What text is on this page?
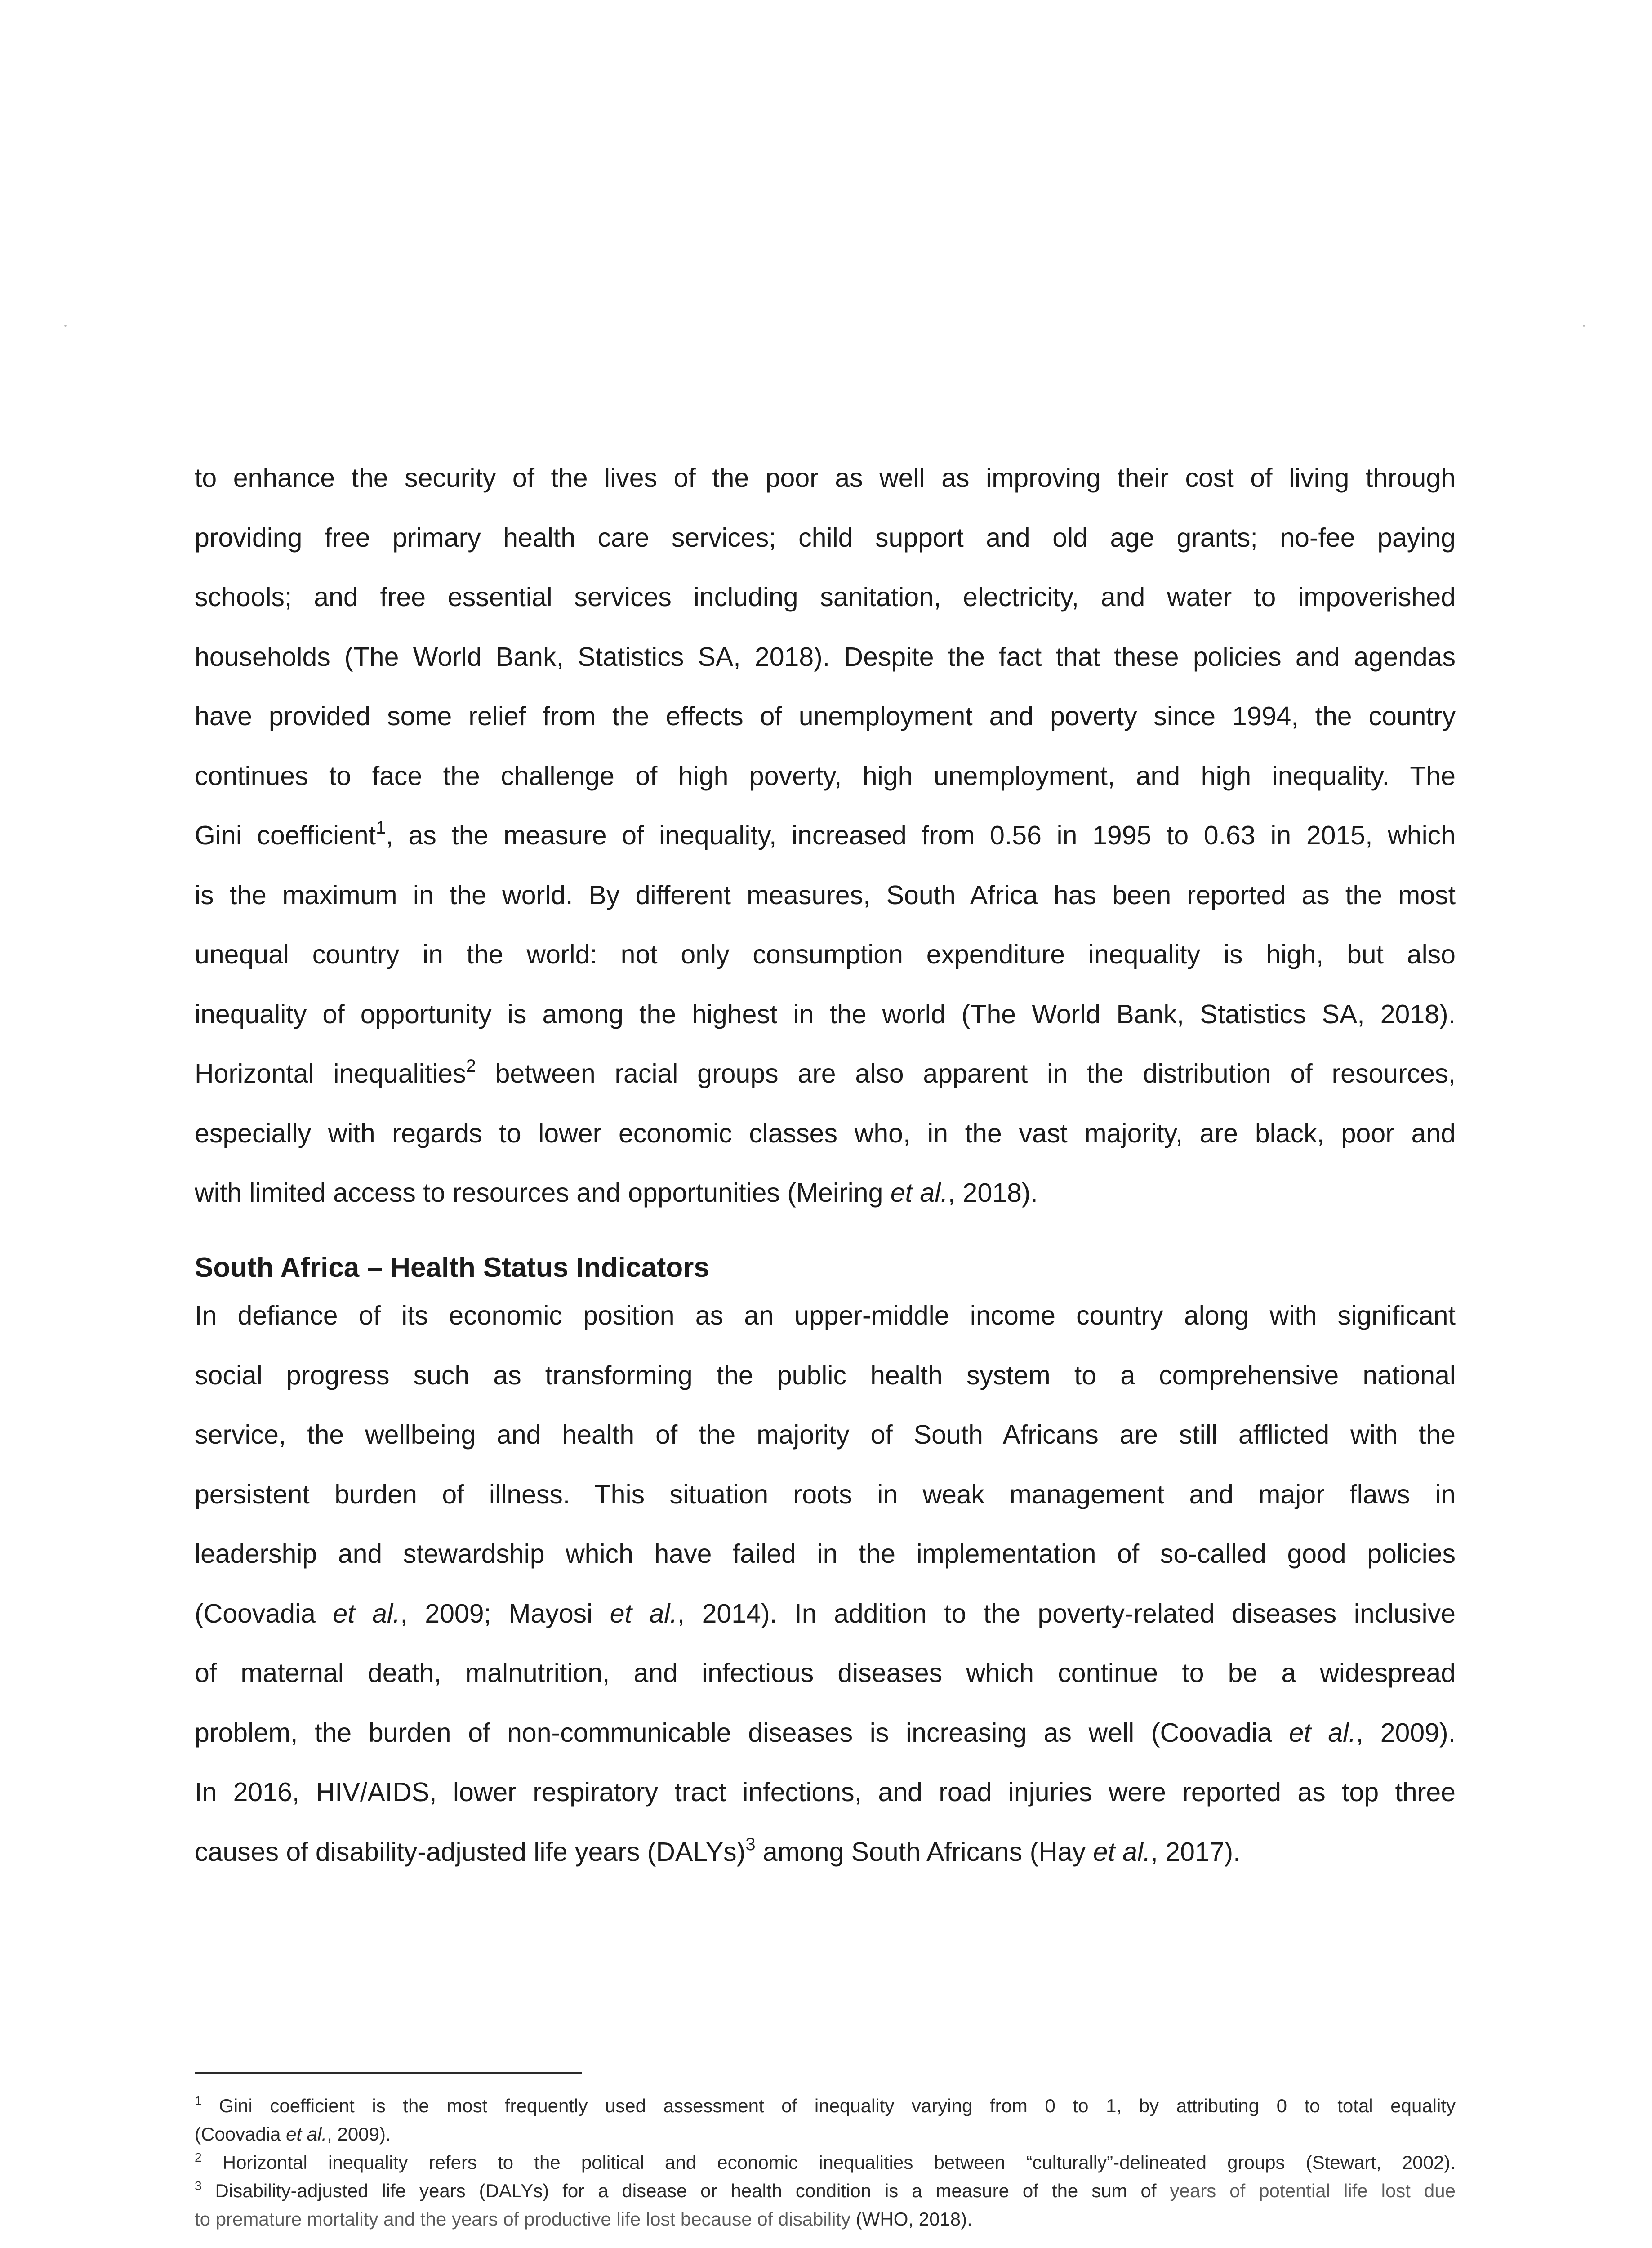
to enhance the security of the lives of the poor as well as improving their cost of living through
providing free primary health care services; child support and old age grants; no-fee paying
schools; and free essential services including sanitation, electricity, and water to impoverished
households (The World Bank, Statistics SA, 2018). Despite the fact that these policies and agendas
have provided some relief from the effects of unemployment and poverty since 1994, the country
continues to face the challenge of high poverty, high unemployment, and high inequality. The
Gini coefficient$^1$, as the measure of inequality, increased from 0.56 in 1995 to 0.63 in 2015, which
is the maximum in the world. By different measures, South Africa has been reported as the most
unequal country in the world: not only consumption expenditure inequality is high, but also
inequality of opportunity is among the highest in the world (The World Bank, Statistics SA, 2018).
Horizontal inequalities$^2$ between racial groups are also apparent in the distribution of resources,
especially with regards to lower economic classes who, in the vast majority, are black, poor and
with limited access to resources and opportunities (Meiring et al., 2018).
South Africa – Health Status Indicators
In defiance of its economic position as an upper-middle income country along with significant
social progress such as transforming the public health system to a comprehensive national
service, the wellbeing and health of the majority of South Africans are still afflicted with the
persistent burden of illness. This situation roots in weak management and major flaws in
leadership and stewardship which have failed in the implementation of so-called good policies
(Coovadia et al., 2009; Mayosi et al., 2014). In addition to the poverty-related diseases inclusive
of maternal death, malnutrition, and infectious diseases which continue to be a widespread
problem, the burden of non-communicable diseases is increasing as well (Coovadia et al., 2009).
In 2016, HIV/AIDS, lower respiratory tract infections, and road injuries were reported as top three
causes of disability-adjusted life years (DALYs)$^3$ among South Africans (Hay et al., 2017).
$^1$ Gini coefficient is the most frequently used assessment of inequality varying from 0 to 1, by attributing 0 to total equality
(Coovadia et al., 2009).
$^2$ Horizontal inequality refers to the political and economic inequalities between “culturally”-delineated groups (Stewart, 2002).
$^3$ Disability-adjusted life years (DALYs) for a disease or health condition is a measure of the sum of years of potential life lost due
to premature mortality and the years of productive life lost because of disability (WHO, 2018).
